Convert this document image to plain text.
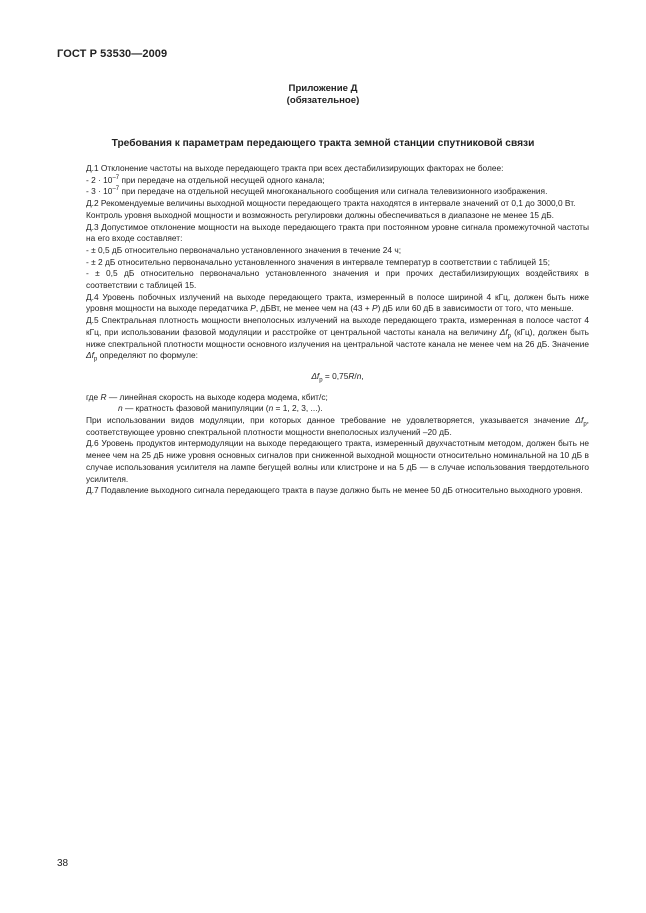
ГОСТ Р 53530—2009
Приложение Д
(обязательное)
Требования к параметрам передающего тракта земной станции спутниковой связи

Д.1 Отклонение частоты на выходе передающего тракта при всех дестабилизирующих факторах не более:

- $2 \cdot 10^{-7}$ при передаче на отдельной несущей одного канала;

- $3 \cdot 10^{-7}$ при передаче на отдельной несущей многоканального сообщения или сигнала телевизионного изображения.

Д.2 Рекомендуемые величины выходной мощности передающего тракта находятся в интервале значений от 0,1 до 3000,0 Вт.

Контроль уровня выходной мощности и возможность регулировки должны обеспечиваться в диапазоне не менее 15 дБ.

Д.3 Допустимое отклонение мощности на выходе передающего тракта при постоянном уровне сигнала промежуточной частоты на его входе составляет:

- ± 0,5 дБ относительно первоначально установленного значения в течение 24 ч;

- ± 2 дБ относительно первоначально установленного значения в интервале температур в соответствии с таблицей 15;

- ± 0,5 дБ относительно первоначально установленного значения и при прочих дестабилизирующих воздействиях в соответствии с таблицей 15.

Д.4 Уровень побочных излучений на выходе передающего тракта, измеренный в полосе шириной 4 кГц, должен быть ниже уровня мощности на выходе передатчика P, дБВт, не менее чем на (43 + P) дБ или 60 дБ в зависимости от того, что меньше.

Д.5 Спектральная плотность мощности внеполосных излучений на выходе передающего тракта, измеренная в полосе частот 4 кГц, при использовании фазовой модуляции и расстройке от центральной частоты канала на величину $\Delta f_р$ (кГц), должен быть ниже спектральной плотности мощности основного излучения на центральной частоте канала не менее чем на 26 дБ. Значение $\Delta f_р$ определяют по формуле:

$\Delta f_р = 0,75R/n$,

где R — линейная скорость на выходе кодера модема, кбит/с;

n — кратность фазовой манипуляции (n = 1, 2, 3, ...).

При использовании видов модуляции, при которых данное требование не удовлетворяется, указывается значение $\Delta f_р$, соответствующее уровню спектральной плотности мощности внеполосных излучений –20 дБ.

Д.6 Уровень продуктов интермодуляции на выходе передающего тракта, измеренный двухчастотным методом, должен быть не менее чем на 25 дБ ниже уровня основных сигналов при сниженной выходной мощности относительно номинальной на 10 дБ в случае использования усилителя на лампе бегущей волны или клистроне и на 5 дБ — в случае использования твердотельного усилителя.

Д.7 Подавление выходного сигнала передающего тракта в паузе должно быть не менее 50 дБ относительно выходного уровня.

38
